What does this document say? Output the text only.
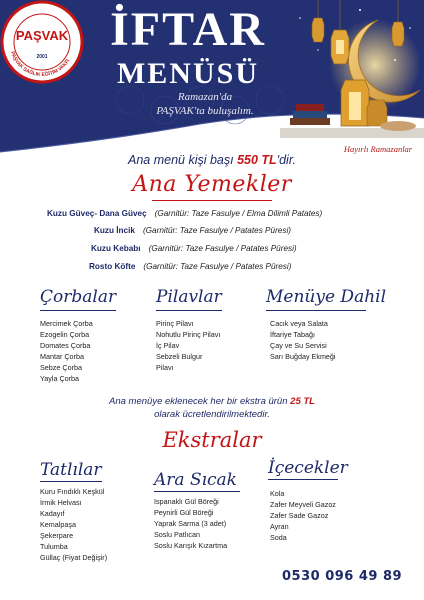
PAŞVAK SAĞLIK EĞİTİM VAKFI
PAŞVAK
2001
İFTAR
MENÜSÜ
Ramazan'da
PAŞVAK'ta buluşalım.
Hayırlı Ramazanlar
Ana menü kişi başı 550 TL'dir.
Ana Yemekler
Kuzu Güveç- Dana Güveç (Garnitür: Taze Fasulye / Elma Dilimli Patates)
Kuzu İncik (Garnitür: Taze Fasulye / Patates Püresi)
Kuzu Kebabı (Garnitür: Taze Fasulye / Patates Püresi)
Rosto Köfte (Garnitür: Taze Fasulye / Patates Püresi)
Çorbalar
Mercimek Çorba
Ezogelin Çorba
Domates Çorba
Mantar Çorba
Sebze Çorba
Yayla Çorba
Pilavlar
Pirinç Pilavı
Nohutlu Pirinç Pilavı
İç Pilav
Sebzeli Bulgur
Pilavı
Menüye Dahil
Cacık veya Salata
İftariye Tabağı
Çay ve Su Servisi
Sarı Buğday Ekmeği
Ana menüye eklenecek her bir ekstra ürün 25 TL
olarak ücretlendirilmektedir.
Ekstralar
Tatlılar
Kuru Fındıklı Keşkül
İrmik Helvası
Kadayıf
Kemalpaşa
Şekerpare
Tulumba
Güllaç (Fiyat Değişir)
Ara Sıcak
Ispanaklı Gül Böreği
Peynirli Gül Böreği
Yaprak Sarma (3 adet)
Soslu Patlıcan
Soslu Karışık Kızartma
İçecekler
Kola
Zafer Meyveli Gazoz
Zafer Sade Gazoz
Ayran
Soda
0530 096 49 89
